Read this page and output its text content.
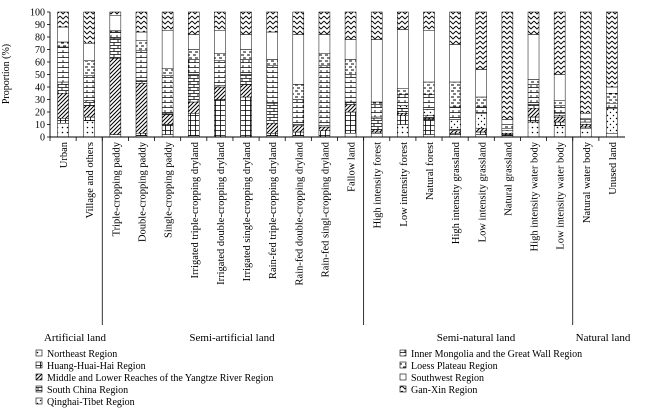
Proportion (%)
0
10
20
30
40
50
60
70
80
90
100
Urban Village and others Triple-cropping paddy Double-cropping paddy Single-cropping paddy Irrigated triple-cropping dryland Irrigated double-cropping dryland Irrigated single-cropping dryland Rain-fed triple-cropping dryland Rain-fed double-cropping dryland Rain-fed singl-cropping dryland Fallow land High intensity forest Low intensity forest Natural forest High intensity grassland Low intensity grassland Natural grassland High intensity water body Low intensity water body Natural water body Unused land
Artificial land	Semi-artificial land	Semi-natural land	Natural land
Northeast Region
Huang-Huai-Hai Region
Middle and Lower Reaches of the Yangtze River Region
South China Region
Qinghai-Tibet Region
Inner Mongolia and the Great Wall Region
Loess Plateau Region
Southwest Region
Gan-Xin Region
